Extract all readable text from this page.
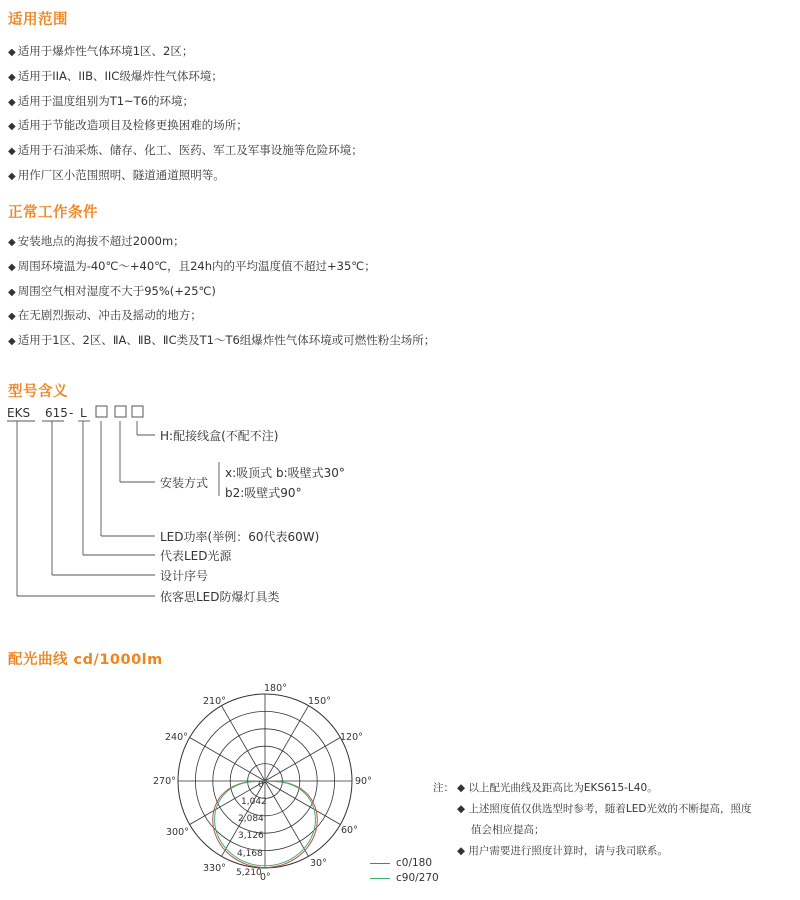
适用范围
◆ 适用于爆炸性气体环境1区、2区；
◆ 适用于IIA、IIB、IIC级爆炸性气体环境；
◆ 适用于温度组别为T1~T6的环境；
◆ 适用于节能改造项目及检修更换困难的场所；
◆ 适用于石油采炼、储存、化工、医药、军工及军事设施等危险环境；
◆ 用作厂区小范围照明、隧道通道照明等。
正常工作条件
◆ 安装地点的海拔不超过2000m；
◆ 周围环境温为-40℃～+40℃，且24h内的平均温度值不超过+35℃；
◆ 周围空气相对湿度不大于95%(+25℃)
◆ 在无剧烈振动、冲击及摇动的地方；
◆ 适用于1区、2区、ⅡA、ⅡB、ⅡC类及T1～T6组爆炸性气体环境或可燃性粉尘场所；
型号含义
EKS 615 - L
H:配接线盒(不配不注)
安装方式
x:吸顶式 b:吸壁式30°
b2:吸壁式90°
LED功率(举例：60代表60W)
代表LED光源
设计序号
依客思LED防爆灯具类
配光曲线 cd/1000lm
180°
150°
210°
120°
240°
90°
270°
60°
300°
30°
330°
0°
0
1,042
2,084
3,126
4,168
5,210
注： ◆ 以上配光曲线及距高比为EKS615-L40。
◆ 上述照度值仅供选型时参考，随着LED光效的不断提高，照度
值会相应提高；
◆ 用户需要进行照度计算时，请与我司联系。
c0/180
c90/270
